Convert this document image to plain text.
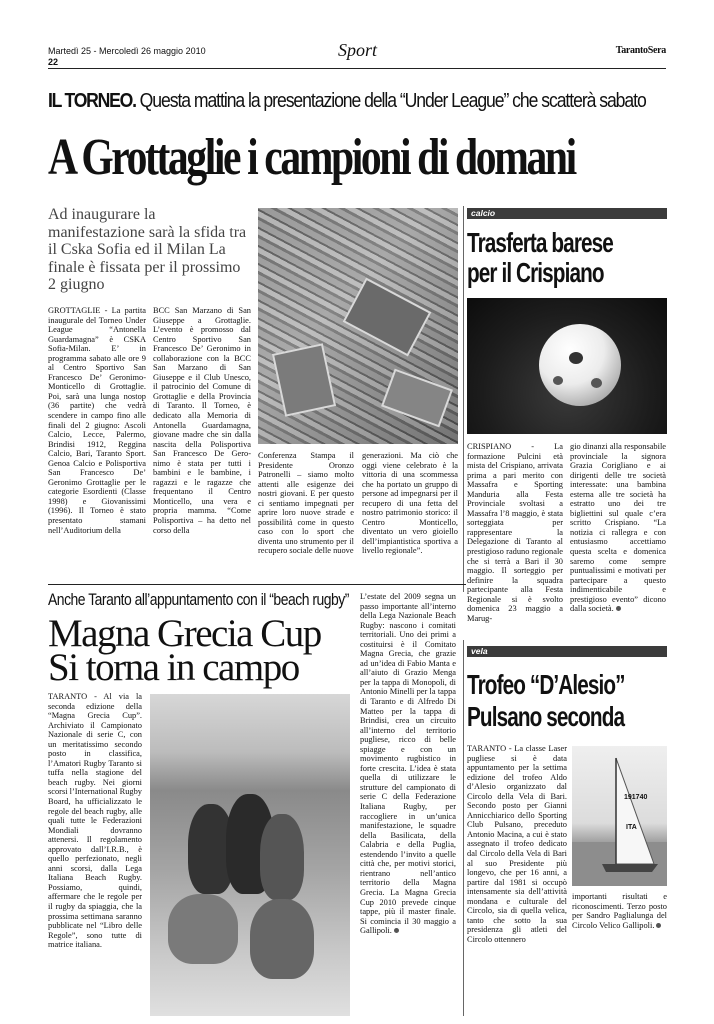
Martedì 25 - Mercoledì 26 maggio 2010
22
Sport	TarantoSera
IL TORNEO. Questa mattina la presentazione della “Under League” che scatterà sabato
A Grottaglie i campioni di domani
Ad inaugurare la manifestazione sarà la sfida tra il Cska Sofia ed il Milan La finale è fissata per il prossimo 2 giugno
GROTTAGLIE - La partita inaugurale del Torneo Under League “Antonella Guardamagna” è CSKA Sofia-Milan. E’ in programma sabato alle ore 9 al Centro Sportivo San Francesco De’ Geronimo-Monticello di Grottaglie. Poi, sarà una lunga nostop (36 partite) che vedrà scendere in campo fino alle finali del 2 giugno: Ascoli Calcio, Lecce, Palermo, Brindisi 1912, Reggina Calcio, Bari, Taranto Sport. Genoa Calcio e Polisportiva San Francesco De’ Geronimo Grottaglie per le categorie Esordienti (Classe 1998) e Giovanissimi (1996). Il Torneo è stato presentato stamani nell’Auditorium della
BCC San Marzano di San Giuseppe a Grottaglie. L’evento è promosso dal Centro Sportivo San Francesco De’ Geronimo in collaborazione con la BCC San Marzano di San Giuseppe e il Club Unesco, il patrocinio del Comune di Grottaglie e della Provincia di Taranto. Il Torneo, è dedicato alla Memoria di Antonella Guardamagna, giovane madre che sin dalla nascita della Polisportiva San Francesco De Gero-nimo è stata per tutti i bambini e le bambine, i ragazzi e le ragazze che frequentano il Centro Monticello, una vera e propria mamma. “Come Polisportiva – ha detto nel corso della
Conferenza Stampa il Presidente Oronzo Patronelli – siamo molto attenti alle esigenze dei nostri giovani. E per questo ci sentiamo impegnati per aprire loro nuove strade e possibilità come in questo caso con lo sport che diventa uno strumento per il recupero sociale delle nuove
generazioni. Ma ciò che oggi viene celebrato è la vittoria di una scommessa che ha portato un gruppo di persone ad impegnarsi per il recupero di una fetta del nostro patrimonio storico: il Centro Monticello, diventato un vero gioiello dell’impiantistica sportiva a livello regionale”.
calcio
Trasferta barese
per il Crispiano
CRISPIANO - La formazione Pulcini età mista del Crispiano, arrivata prima a pari merito con Massafra e Sporting Manduria alla Festa Provinciale svoltasi a Massafra l’8 maggio, è stata sorteggiata per rappresentare la Delegazione di Taranto al prestigioso raduno regionale che si terrà a Bari il 30 maggio. Il sorteggio per definire la squadra partecipante alla Festa Regionale si è svolto domenica 23 maggio a Marug-
gio dinanzi alla responsabile provinciale la signora Grazia Corigliano e ai dirigenti delle tre società interessate: una bambina esterna alle tre società ha estratto uno dei tre bigliettini sul quale c’era scritto Crispiano. “La notizia ci rallegra e con entusiasmo accettiamo questa scelta e domenica saremo come sempre puntualissimi e motivati per partecipare a questo indimenticabile e prestigioso evento” dicono dalla società.
Anche Taranto all’appuntamento con il “beach rugby”
Magna Grecia Cup
Si torna in campo
TARANTO - Al via la seconda edizione della “Magna Grecia Cup”. Archiviato il Campionato Nazionale di serie C, con un meritatissimo secondo posto in classifica, l’Amatori Rugby Taranto si tuffa nella stagione del beach rugby. Nei giorni scorsi l’International Rugby Board, ha ufficializzato le regole del beach rugby, alle quali tutte le Federazioni Mondiali dovranno attenersi. Il regolamento approvato dall’I.R.B., è quello perfezionato, negli anni scorsi, dalla Lega Italiana Beach Rugby. Possiamo, quindi, affermare che le regole per il rugby da spiaggia, che la prossima settimana saranno pubblicate nel “Libro delle Regole”, sono tutte di matrice italiana.
L’estate del 2009 segna un passo importante all’interno della Lega Nazionale Beach Rugby: nascono i comitati territoriali. Uno dei primi a costituirsi è il Comitato Magna Grecia, che grazie ad un’idea di Fabio Manta e all’aiuto di Grazio Menga per la tappa di Monopoli, di Antonio Minelli per la tappa di Taranto e di Alfredo Di Matteo per la tappa di Brindisi, crea un circuito all’interno del territorio pugliese, ricco di belle spiagge e con un movimento rugbistico in forte crescita. L’idea è stata quella di utilizzare le strutture del campionato di serie C della Federazione Italiana Rugby, per raccogliere in un’unica manifestazione, le squadre della Basilicata, della Calabria e della Puglia, estendendo l’invito a quelle città che, per motivi storici, rientrano nell’antico territorio della Magna Grecia. La Magna Grecia Cup 2010 prevede cinque tappe, più il master finale. Si comincia il 30 maggio a Gallipoli.
vela
Trofeo “D’Alesio”
Pulsano seconda
TARANTO - La classe Laser pugliese si è data appuntamento per la settima edizione del trofeo Aldo d’Alesio organizzato dal Circolo della Vela di Bari. Secondo posto per Gianni Annicchiarico dello Sporting Club Pulsano, preceduto Antonio Macina, a cui è stato assegnato il trofeo dedicato dal Circolo della Vela di Bari al suo Presidente più longevo, che per 16 anni, a partire dal 1981 si occupò intensamente sia dell’attività mondana e culturale del Circolo, sia di quella velica, tanto che sotto la sua presidenza gli atleti del Circolo ottennero
191740
ITA
importanti risultati e riconoscimenti. Terzo posto per Sandro Paglialunga del Circolo Velico Gallipoli.
